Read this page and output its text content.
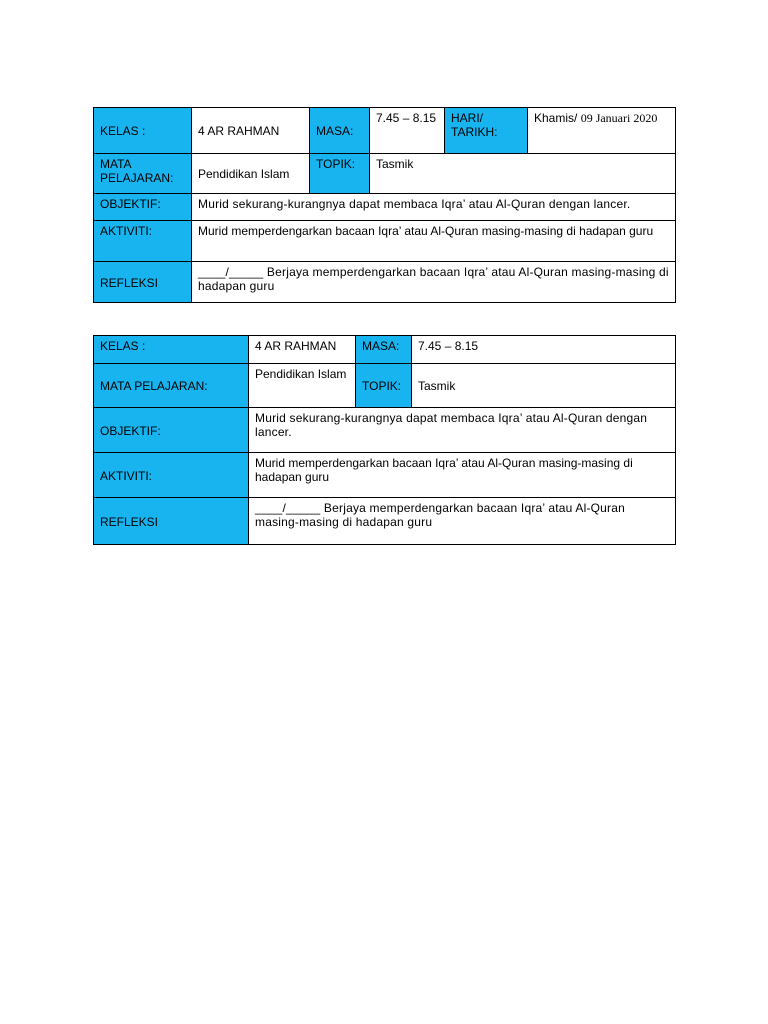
KELAS :	4 AR RAHMAN	MASA:	7.45 – 8.15	HARI/ TARIKH:	Khamis/ 09 Januari 2020
MATA PELAJARAN:	Pendidikan Islam	TOPIK:	Tasmik		
OBJEKTIF:	Murid sekurang-kurangnya dapat membaca Iqra’ atau Al-Quran dengan lancer.				
AKTIVITI:	Murid memperdengarkan bacaan Iqra’ atau Al-Quran masing-masing di hadapan guru				
REFLEKSI	____/_____ Berjaya memperdengarkan bacaan Iqra’ atau Al-Quran masing-masing di hadapan guru				
KELAS :	4 AR RAHMAN	MASA:	7.45 – 8.15
MATA PELAJARAN:	Pendidikan Islam	TOPIK:	Tasmik
OBJEKTIF:	Murid sekurang-kurangnya dapat membaca Iqra’ atau Al-Quran dengan lancer.		
AKTIVITI:	Murid memperdengarkan bacaan Iqra’ atau Al-Quran masing-masing di hadapan guru		
REFLEKSI	____/_____ Berjaya memperdengarkan bacaan Iqra’ atau Al-Quran masing-masing di hadapan guru		
